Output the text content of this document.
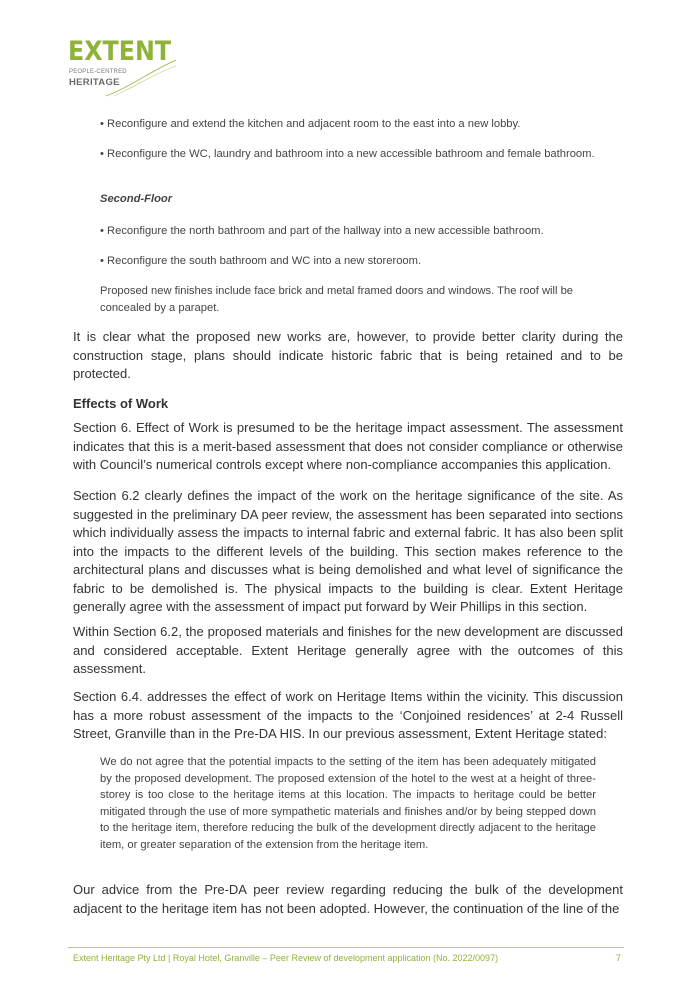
EXTENT
PEOPLE-CENTRED
HERITAGE
• Reconfigure and extend the kitchen and adjacent room to the east into a new lobby.
• Reconfigure the WC, laundry and bathroom into a new accessible bathroom and female bathroom.
Second-Floor
• Reconfigure the north bathroom and part of the hallway into a new accessible bathroom.
• Reconfigure the south bathroom and WC into a new storeroom.
Proposed new finishes include face brick and metal framed doors and windows. The roof will be concealed by a parapet.
It is clear what the proposed new works are, however, to provide better clarity during the construction stage, plans should indicate historic fabric that is being retained and to be protected.
Effects of Work
Section 6. Effect of Work is presumed to be the heritage impact assessment. The assessment indicates that this is a merit-based assessment that does not consider compliance or otherwise with Council’s numerical controls except where non-compliance accompanies this application.
Section 6.2 clearly defines the impact of the work on the heritage significance of the site. As suggested in the preliminary DA peer review, the assessment has been separated into sections which individually assess the impacts to internal fabric and external fabric. It has also been split into the impacts to the different levels of the building. This section makes reference to the architectural plans and discusses what is being demolished and what level of significance the fabric to be demolished is. The physical impacts to the building is clear. Extent Heritage generally agree with the assessment of impact put forward by Weir Phillips in this section.
Within Section 6.2, the proposed materials and finishes for the new development are discussed and considered acceptable. Extent Heritage generally agree with the outcomes of this assessment.
Section 6.4. addresses the effect of work on Heritage Items within the vicinity. This discussion has a more robust assessment of the impacts to the ‘Conjoined residences’ at 2-4 Russell Street, Granville than in the Pre-DA HIS. In our previous assessment, Extent Heritage stated:
We do not agree that the potential impacts to the setting of the item has been adequately mitigated by the proposed development. The proposed extension of the hotel to the west at a height of three-storey is too close to the heritage items at this location. The impacts to heritage could be better mitigated through the use of more sympathetic materials and finishes and/or by being stepped down to the heritage item, therefore reducing the bulk of the development directly adjacent to the heritage item, or greater separation of the extension from the heritage item.
Our advice from the Pre-DA peer review regarding reducing the bulk of the development adjacent to the heritage item has not been adopted. However, the continuation of the line of the
Extent Heritage Pty Ltd | Royal Hotel, Granville – Peer Review of development application (No. 2022/0097)	7
